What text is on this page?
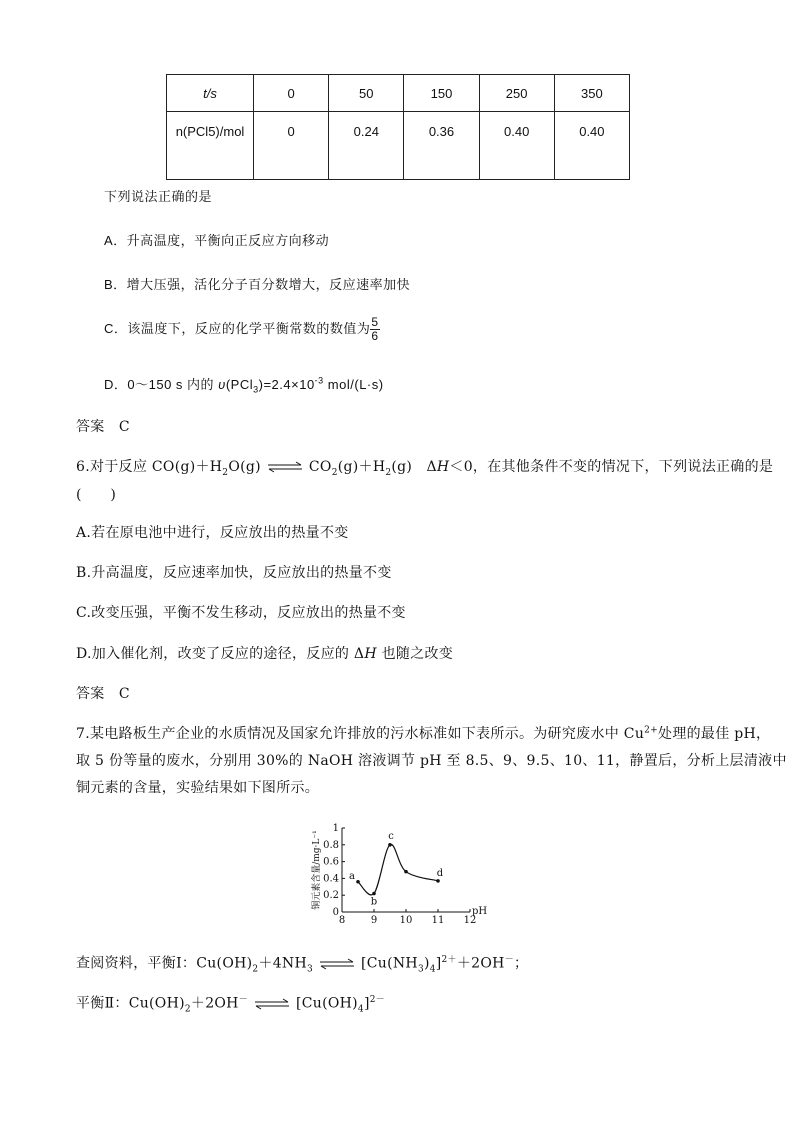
t/s	0	50	150	250	350
n(PCl5)/mol	0	0.24	0.36	0.40	0.40
下列说法正确的是
A．升高温度，平衡向正反应方向移动
B．增大压强，活化分子百分数增大，反应速率加快
C．该温度下，反应的化学平衡常数的数值为 $\frac{5}{6}$
D．0～150 s 内的 $\upsilon(PCl_3)=2.4\times 10^{-3}$ mol/(L·s)
答案　C
6.对于反应 $CO(g)+H_2O(g)$ ⇌ $CO_2(g)+H_2(g)$　ΔH＜0，在其他条件不变的情况下，下列说法正确的是
(　　)
A.若在原电池中进行，反应放出的热量不变
B.升高温度，反应速率加快，反应放出的热量不变
C.改变压强，平衡不发生移动，反应放出的热量不变
D.加入催化剂，改变了反应的途径，反应的 ΔH 也随之改变
答案　C
7.某电路板生产企业的水质情况及国家允许排放的污水标准如下表所示。为研究废水中 $Cu^{2+}$处理的最佳 pH，
取 5 份等量的废水，分别用 30%的 NaOH 溶液调节 pH 至 8.5、9、9.5、10、11，静置后，分析上层清液中
铜元素的含量，实验结果如下图所示。
8	9 10 11 12
0
0.2
0.4
0.6
0.8
1
a
b
c
d
铜元素含量/mg·L⁻¹
pH
查阅资料，平衡Ⅰ：$Cu(OH)_2+4NH_3$ ⇌ $[Cu(NH_3)_4]^{2+}+2OH^-$；
平衡Ⅱ：$Cu(OH)_2+2OH^-$ ⇌ $[Cu(OH)_4]^{2-}$
